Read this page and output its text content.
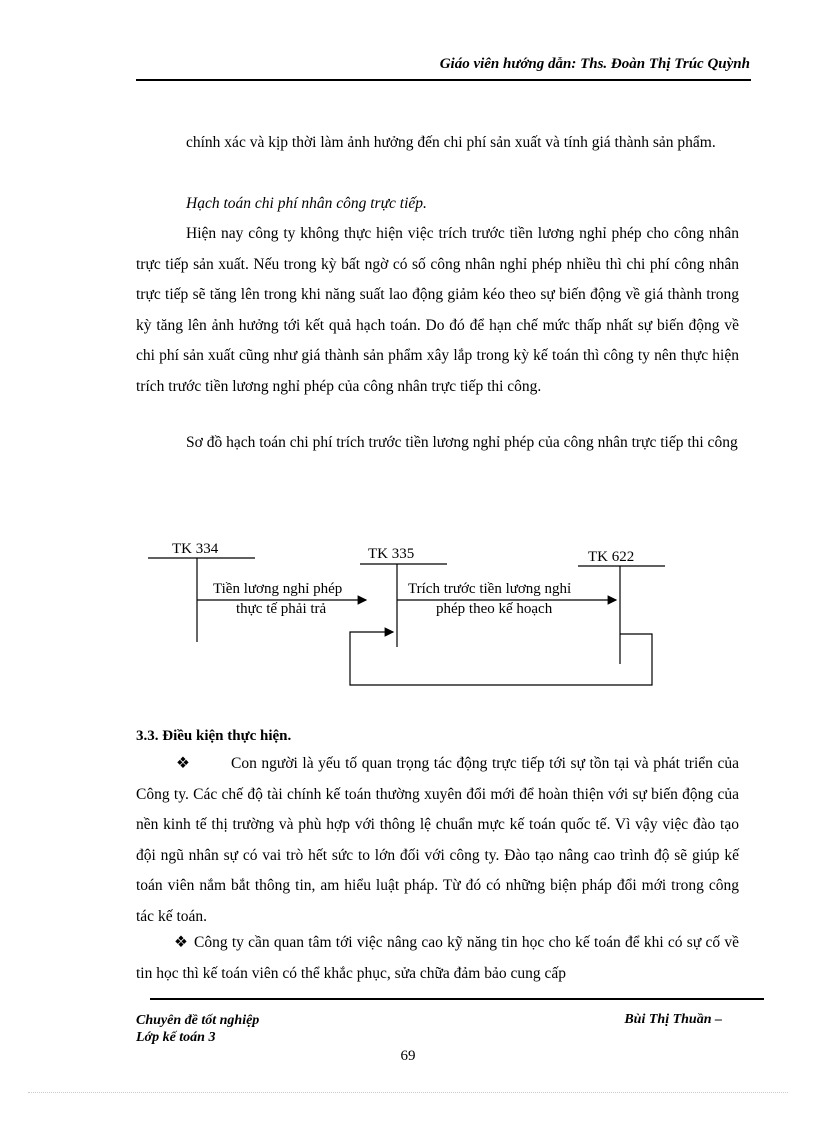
Giáo viên hướng dẫn: Ths. Đoàn Thị Trúc Quỳnh
chính xác và kịp thời làm ảnh hưởng đến chi phí sản xuất và tính giá thành sản phẩm.
Hạch toán chi phí nhân công trực tiếp.
Hiện nay công ty không thực hiện việc trích trước tiền lương nghỉ phép cho công nhân trực tiếp sản xuất. Nếu trong kỳ bất ngờ có số công nhân nghỉ phép nhiều thì chi phí công nhân trực tiếp sẽ tăng lên trong khi năng suất lao động giảm kéo theo sự biến động về giá thành trong kỳ tăng lên ảnh hưởng tới kết quả hạch toán. Do đó để hạn chế mức thấp nhất sự biến động về chi phí sản xuất cũng như giá thành sản phẩm xây lắp trong kỳ kế toán thì công ty nên thực hiện trích trước tiền lương nghỉ phép của công nhân trực tiếp thi công.
Sơ đồ hạch toán chi phí trích trước tiền lương nghỉ phép của công nhân trực tiếp thi công
TK 334	TK 335	TK 622
Tiền lương nghỉ phép
thực tế phải trả
Trích trước tiền lương nghỉ
phép theo kế hoạch
3.3. Điều kiện thực hiện.
❖	Con người là yếu tố quan trọng tác động trực tiếp tới sự tồn tại và phát triển của Công ty. Các chế độ tài chính kế toán thường xuyên đổi mới để hoàn thiện với sự biến động của nền kinh tế thị trường và phù hợp với thông lệ chuẩn mực kế toán quốc tế. Vì vậy việc đào tạo đội ngũ nhân sự có vai trò hết sức to lớn đối với công ty. Đào tạo nâng cao trình độ sẽ giúp kế toán viên nắm bắt thông tin, am hiểu luật pháp. Từ đó có những biện pháp đổi mới trong công tác kế toán.
❖ Công ty cần quan tâm tới việc nâng cao kỹ năng tin học cho kế toán để khi có sự cố về tin học thì kế toán viên có thể khắc phục, sửa chữa đảm bảo cung cấp
Chuyên đề tốt nghiệp
Lớp kế toán 3
Bùi Thị Thuần –
69
